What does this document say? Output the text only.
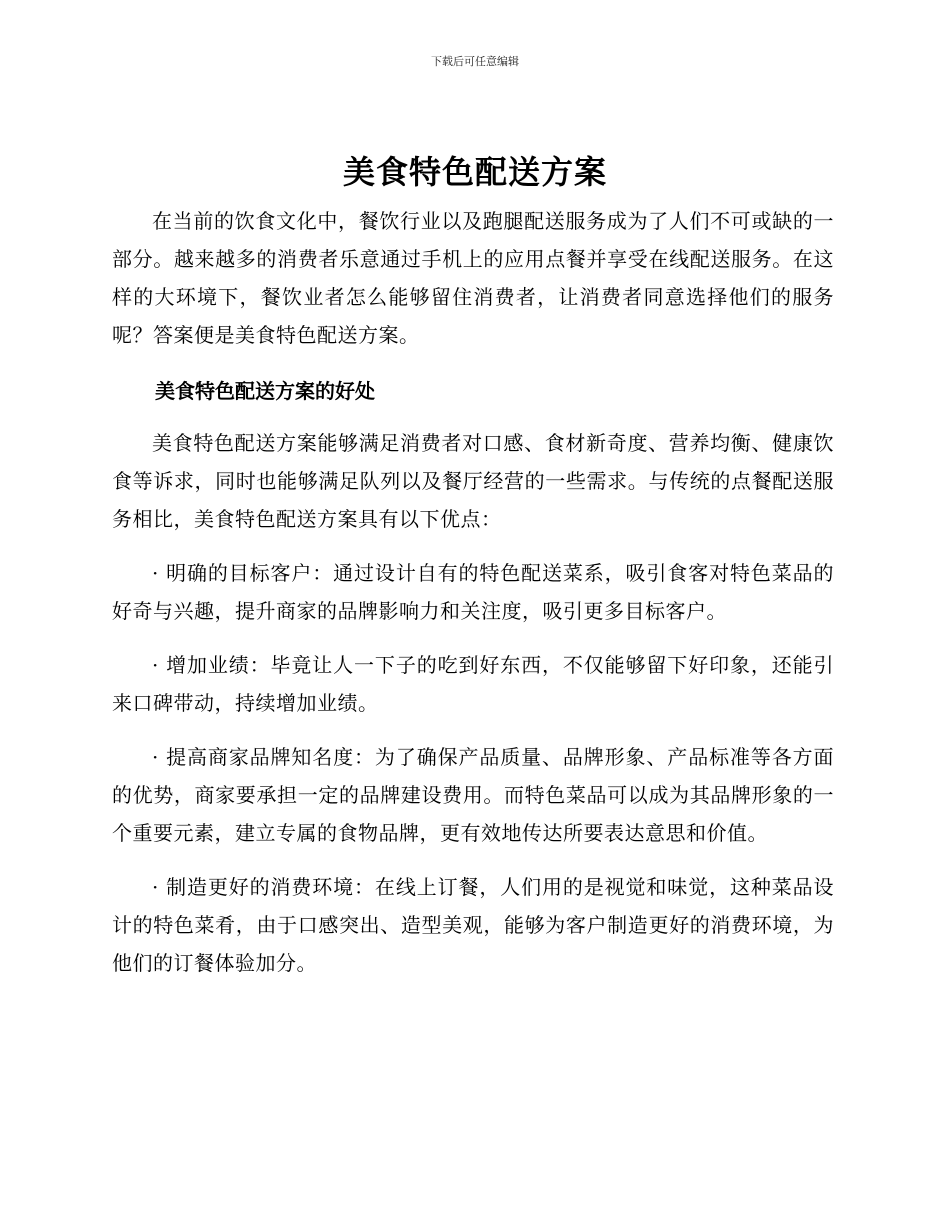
下载后可任意编辑
美食特色配送方案

在当前的饮食文化中，餐饮行业以及跑腿配送服务成为了人们不可或缺的一部分。越来越多的消费者乐意通过手机上的应用点餐并享受在线配送服务。在这样的大环境下，餐饮业者怎么能够留住消费者，让消费者同意选择他们的服务呢？答案便是美食特色配送方案。

美食特色配送方案的好处

美食特色配送方案能够满足消费者对口感、食材新奇度、营养均衡、健康饮食等诉求，同时也能够满足队列以及餐厅经营的一些需求。与传统的点餐配送服务相比，美食特色配送方案具有以下优点：

· 明确的目标客户：通过设计自有的特色配送菜系，吸引食客对特色菜品的好奇与兴趣，提升商家的品牌影响力和关注度，吸引更多目标客户。

· 增加业绩：毕竟让人一下子的吃到好东西，不仅能够留下好印象，还能引来口碑带动，持续增加业绩。

· 提高商家品牌知名度：为了确保产品质量、品牌形象、产品标准等各方面的优势，商家要承担一定的品牌建设费用。而特色菜品可以成为其品牌形象的一个重要元素，建立专属的食物品牌，更有效地传达所要表达意思和价值。

· 制造更好的消费环境：在线上订餐，人们用的是视觉和味觉，这种菜品设计的特色菜肴，由于口感突出、造型美观，能够为客户制造更好的消费环境，为他们的订餐体验加分。
